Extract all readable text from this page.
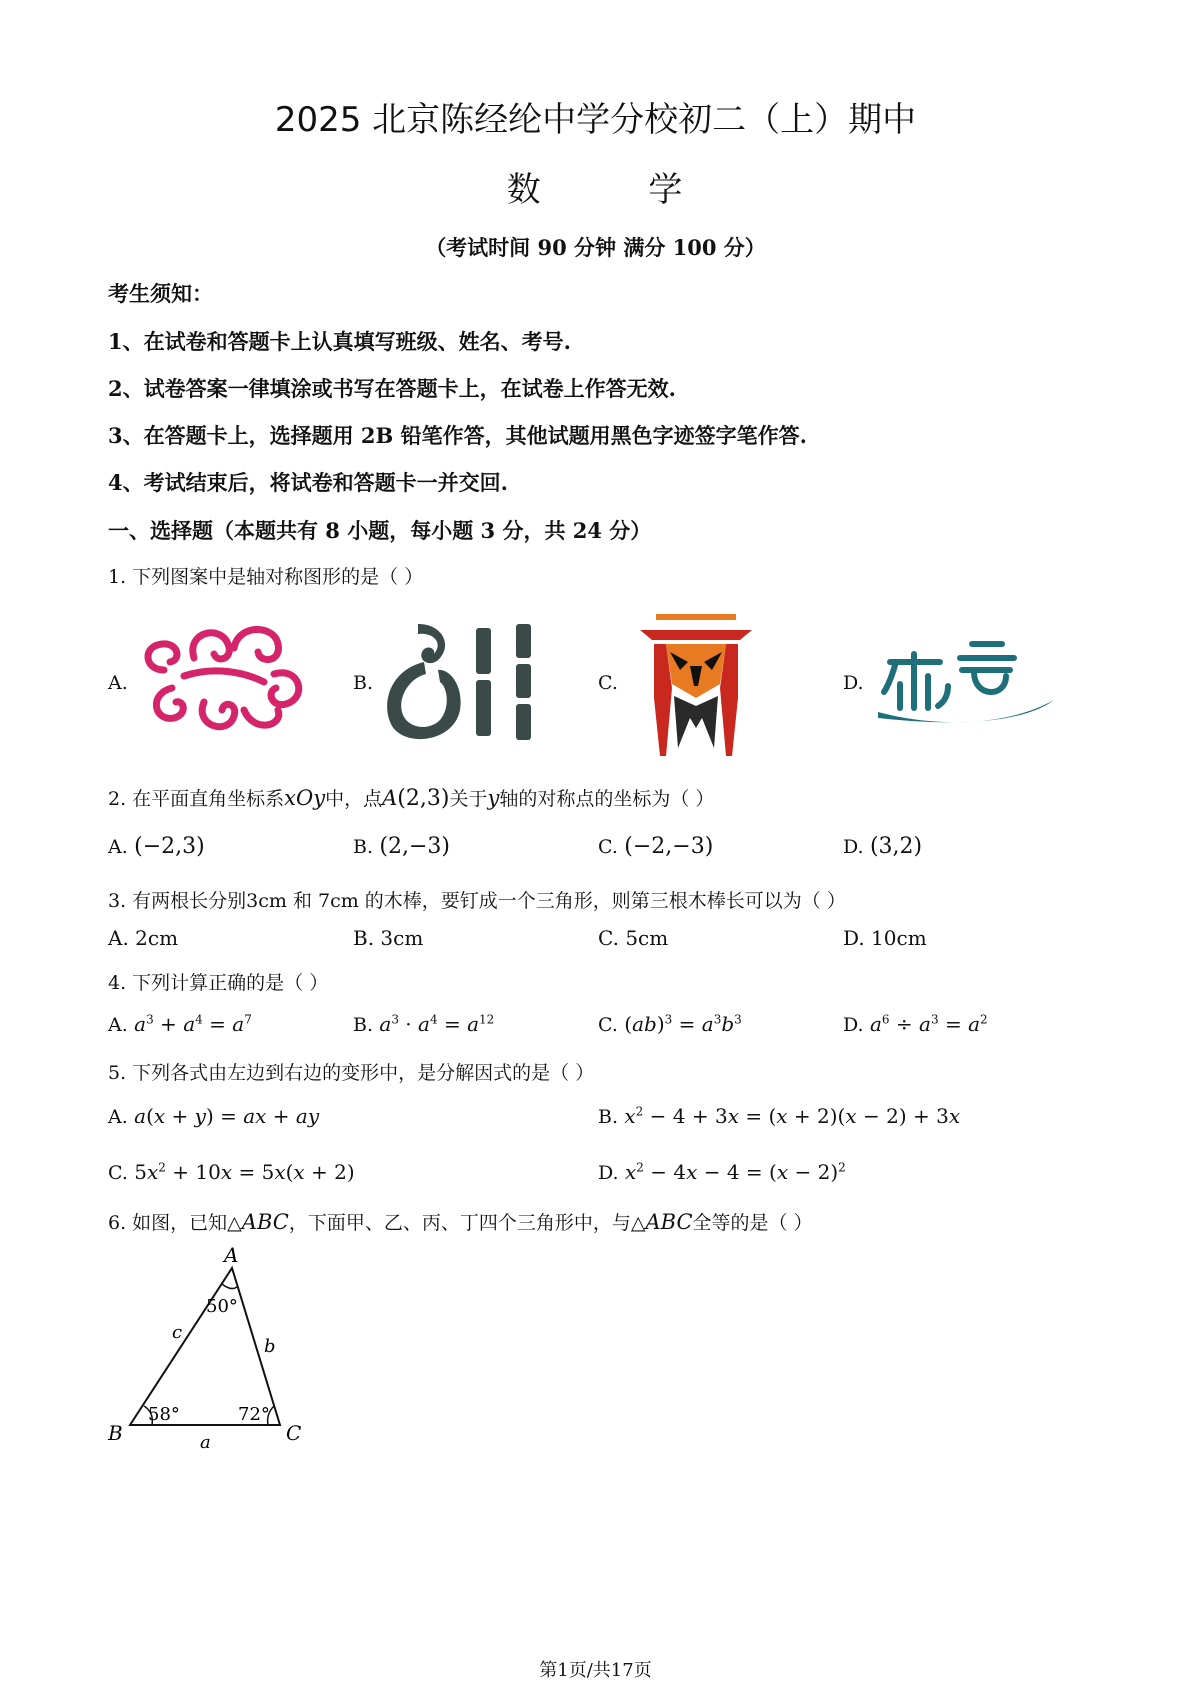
2025 北京陈经纶中学分校初二（上）期中
数	学
（考试时间 90 分钟 满分 100 分）
考生须知：
1、在试卷和答题卡上认真填写班级、姓名、考号.
2、试卷答案一律填涂或书写在答题卡上，在试卷上作答无效.
3、在答题卡上，选择题用 2B 铅笔作答，其他试题用黑色字迹签字笔作答.
4、考试结束后，将试卷和答题卡一并交回.
一、选择题（本题共有 8 小题，每小题 3 分，共 24 分）
1. 下列图案中是轴对称图形的是（ ）
A.	B.	C.	D.
2. 在平面直角坐标系xOy中，点A(2,3)关于y轴的对称点的坐标为（ ）
A. (−2,3)	B. (2,−3)	C. (−2,−3)	D. (3,2)
3. 有两根长分别3cm 和 7cm 的木棒，要钉成一个三角形，则第三根木棒长可以为（ ）
A. 2cm	B. 3cm	C. 5cm	D. 10cm
4. 下列计算正确的是（ ）
A. $a^3 + a^4 = a^7$	B. $a^3 \cdot a^4 = a^{12}$	C. $(ab)^3 = a^3b^3$	D. $a^6 \div a^3 = a^2$
5. 下列各式由左边到右边的变形中，是分解因式的是（ ）
A. a(x + y) = ax + ay	B. $x^2 - 4 + 3x = (x + 2)(x - 2) + 3x$
C. $5x^2 + 10x = 5x(x + 2)$	D. $x^2 - 4x - 4 = (x - 2)^2$
6. 如图，已知△ABC，下面甲、乙、丙、丁四个三角形中，与△ABC全等的是（ ）
A
B	C
a
b
c
50°
58°	72°
第1页/共17页
